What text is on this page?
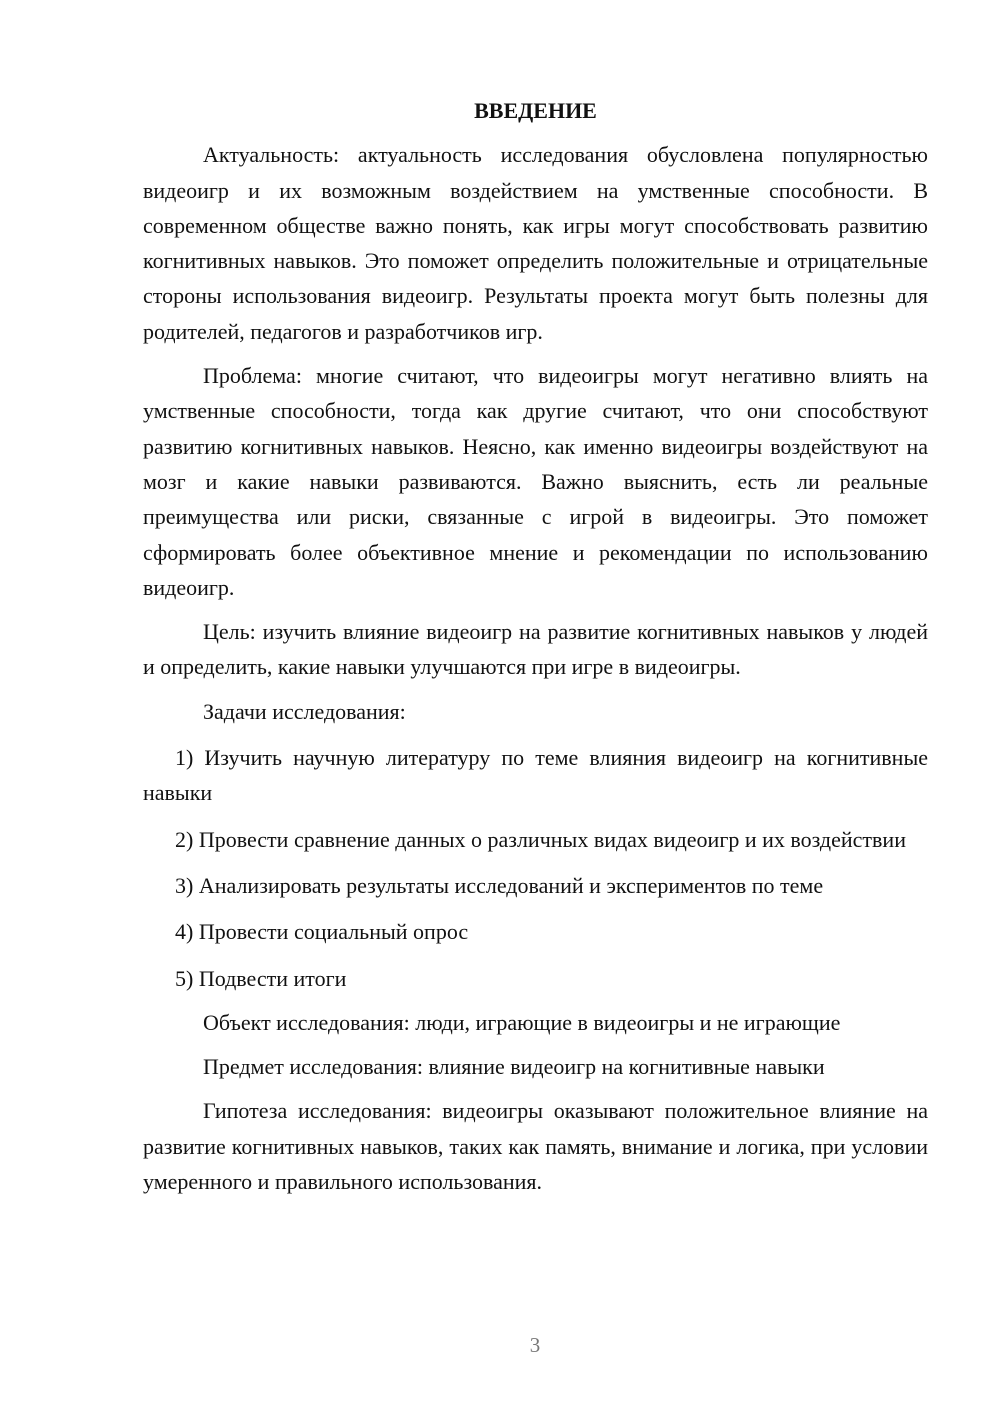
ВВЕДЕНИЕ

Актуальность: актуальность исследования обусловлена популярностью видеоигр и их возможным воздействием на умственные способности. В современном обществе важно понять, как игры могут способствовать развитию когнитивных навыков. Это поможет определить положительные и отрицательные стороны использования видеоигр. Результаты проекта могут быть полезны для родителей, педагогов и разработчиков игр.

Проблема: многие считают, что видеоигры могут негативно влиять на умственные способности, тогда как другие считают, что они способствуют развитию когнитивных навыков. Неясно, как именно видеоигры воздействуют на мозг и какие навыки развиваются. Важно выяснить, есть ли реальные преимущества или риски, связанные с игрой в видеоигры. Это поможет сформировать более объективное мнение и рекомендации по использованию видеоигр.

Цель: изучить влияние видеоигр на развитие когнитивных навыков у людей и определить, какие навыки улучшаются при игре в видеоигры.

Задачи исследования:

1) Изучить научную литературу по теме влияния видеоигр на когнитивные навыки

2) Провести сравнение данных о различных видах видеоигр и их воздействии

3) Анализировать результаты исследований и экспериментов по теме

4) Провести социальный опрос

5) Подвести итоги

Объект исследования: люди, играющие в видеоигры и не играющие

Предмет исследования: влияние видеоигр на когнитивные навыки

Гипотеза исследования: видеоигры оказывают положительное влияние на развитие когнитивных навыков, таких как память, внимание и логика, при условии умеренного и правильного использования.

3
